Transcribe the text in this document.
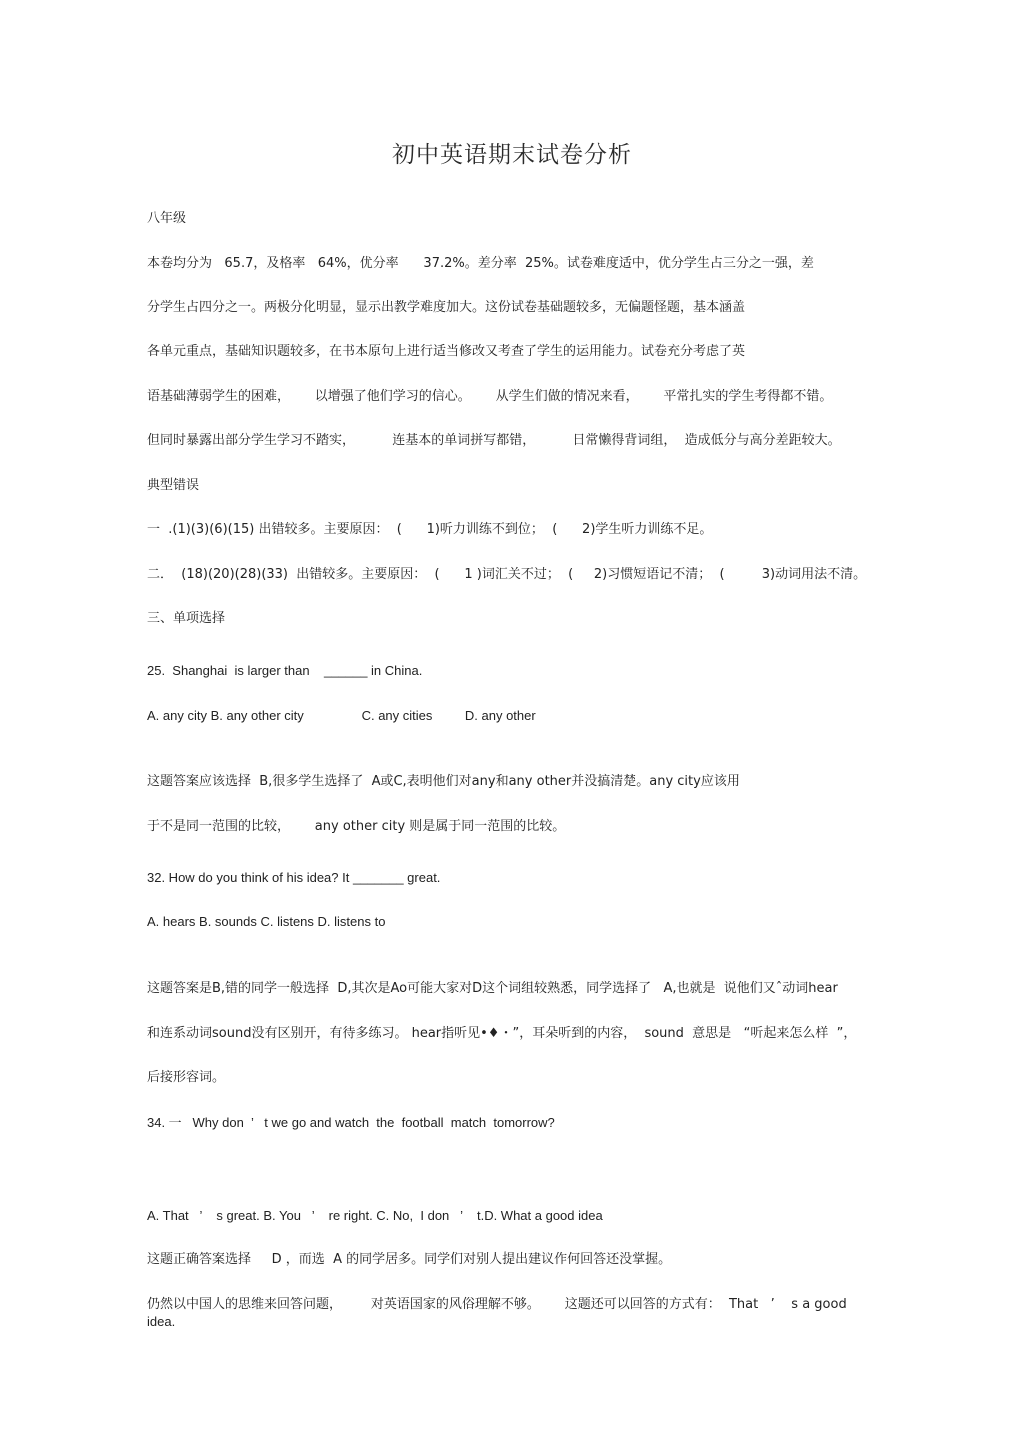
初中英语期末试卷分析
八年级
本卷均分为   65.7，及格率   64%，优分率      37.2%。差分率  25%。试卷难度适中，优分学生占三分之一强，差
分学生占四分之一。两极分化明显，显示出教学难度加大。这份试卷基础题较多，无偏题怪题，基本涵盖
各单元重点，基础知识题较多，在书本原句上进行适当修改又考查了学生的运用能力。试卷充分考虑了英
语基础薄弱学生的困难，      以增强了他们学习的信心。      从学生们做的情况来看，      平常扎实的学生考得都不错。
但同时暴露出部分学生学习不踏实，         连基本的单词拼写都错，         日常懒得背词组，  造成低分与高分差距较大。
典型错误
一  .(1)(3)(6)(15) 出错较多。主要原因：  (      1)听力训练不到位；  (      2)学生听力训练不足。
二．  (18)(20)(28)(33)  出错较多。主要原因：  (      1 )词汇关不过；  (     2)习惯短语记不清；  (         3)动词用法不清。
三、单项选择
25.  Shanghai  is larger than    ______ in China.
A. any city B. any other city                C. any cities         D. any other
这题答案应该选择  B,很多学生选择了  A或C,表明他们对any和any other并没搞清楚。any city应该用
于不是同一范围的比较，      any other city 则是属于同一范围的比较。
32. How do you think of his idea? It _______ great.
A. hears B. sounds C. listens D. listens to
这题答案是B,错的同学一般选择  D,其次是Ao可能大家对D这个词组较熟悉，同学选择了   A,也就是  说他们又ˆ动词hear
和连系动词sound没有区别开，有待多练习。 hear指听见•♦・”，耳朵听到的内容，  sound  意思是   “听起来怎么样  ”，
后接形容词。
34. 一   Why don  ’   t we go and watch  the  football  match  tomorrow?
A. That   ’    s great. B. You   ’    re right. C. No,  I don   ’    t.D. What a good idea
这题正确答案选择     D ，而选  A 的同学居多。同学们对别人提出建议作何回答还没掌握。
仍然以中国人的思维来回答问题，       对英语国家的风俗理解不够。      这题还可以回答的方式有：  That   ’    s a good
idea.
